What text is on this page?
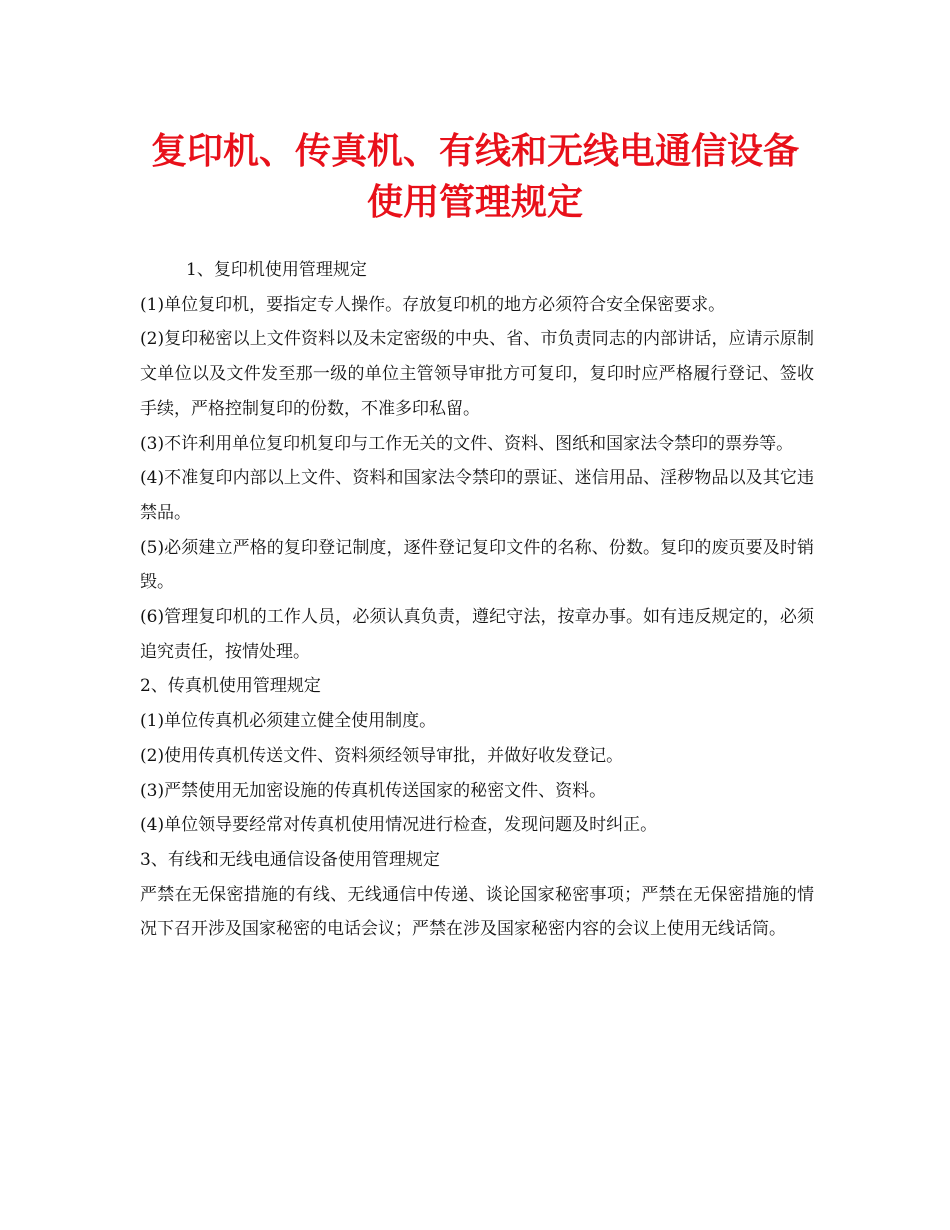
复印机、传真机、有线和无线电通信设备使用管理规定

1、复印机使用管理规定

(1)单位复印机，要指定专人操作。存放复印机的地方必须符合安全保密要求。

(2)复印秘密以上文件资料以及未定密级的中央、省、市负责同志的内部讲话，应请示原制文单位以及文件发至那一级的单位主管领导审批方可复印，复印时应严格履行登记、签收手续，严格控制复印的份数，不准多印私留。

(3)不许利用单位复印机复印与工作无关的文件、资料、图纸和国家法令禁印的票券等。

(4)不准复印内部以上文件、资料和国家法令禁印的票证、迷信用品、淫秽物品以及其它违禁品。

(5)必须建立严格的复印登记制度，逐件登记复印文件的名称、份数。复印的废页要及时销毁。

(6)管理复印机的工作人员，必须认真负责，遵纪守法，按章办事。如有违反规定的，必须追究责任，按情处理。

2、传真机使用管理规定

(1)单位传真机必须建立健全使用制度。

(2)使用传真机传送文件、资料须经领导审批，并做好收发登记。

(3)严禁使用无加密设施的传真机传送国家的秘密文件、资料。

(4)单位领导要经常对传真机使用情况进行检查，发现问题及时纠正。

3、有线和无线电通信设备使用管理规定

严禁在无保密措施的有线、无线通信中传递、谈论国家秘密事项；严禁在无保密措施的情况下召开涉及国家秘密的电话会议；严禁在涉及国家秘密内容的会议上使用无线话筒。
